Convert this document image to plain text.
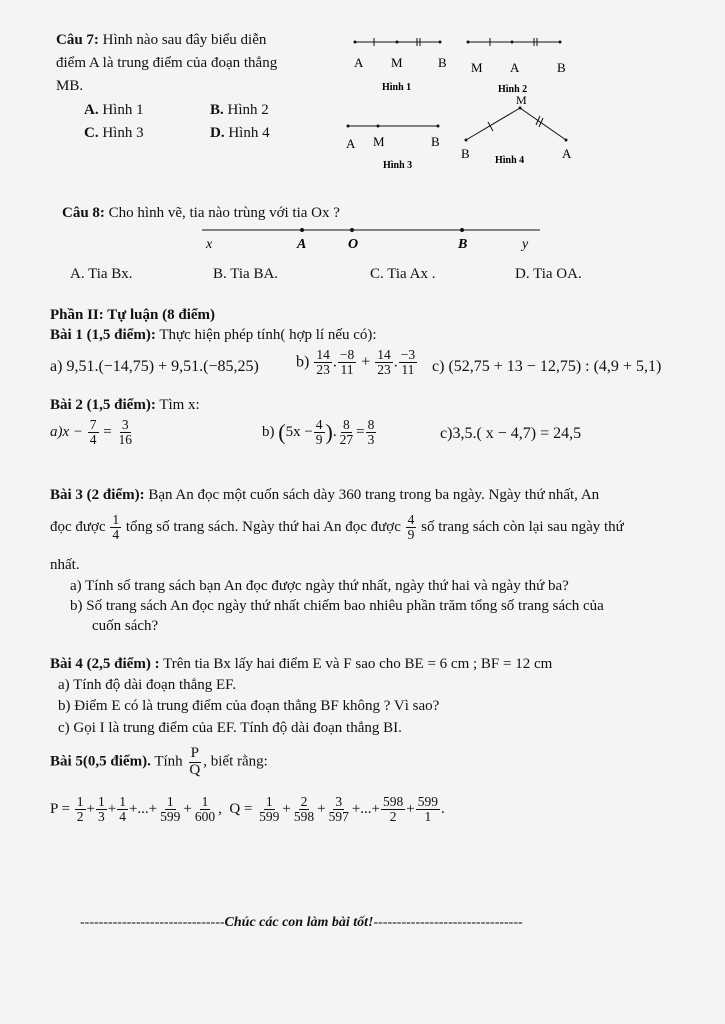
Câu 7: Hình nào sau đây biểu diễn
điểm A là trung điểm của đoạn thẳng
MB.
A. Hình 1	B. Hình 2
C. Hình 3	D. Hình 4
A M	B
Hình 1
M A	B
Hình 2
A M	B
Hình 3
M
B	A
Hình 4
Câu 8: Cho hình vẽ, tia nào trùng với tia Ox ?
x	A	O	B	y
A. Tia Bx.	B. Tia BA.	C. Tia Ax .	D. Tia OA.
Phần II: Tự luận (8 điểm)
Bài 1 (1,5 điểm): Thực hiện phép tính( hợp lí nếu có):
a) 9,51.(−14,75) + 9,51.(−85,25) $b) \frac{14}{23}$ . $\frac{-8}{11} + \frac{14}{23}$ . $\frac{-3}{11} c$) (52,75 + 13 − 12,75) : (4,9 + 5,1)
Bài 2 (1,5 điểm): Tìm x:
$a)x - \frac{7}{4} = \frac{3}{16}$	b) ($5x - \frac{4}{9}$ ). $\frac{8}{27} = \frac{8}{3}$	c)3,5.( x − 4,7) = 24,5
Bài 3 (2 điểm): Bạn An đọc một cuốn sách dày 360 trang trong ba ngày. Ngày thứ nhất, An
đọc được $\frac{1}{4}$ tổng số trang sách. Ngày thứ hai An đọc được $\frac{4}{9}$ số trang sách còn lại sau ngày thứ
nhất.
a) Tính số trang sách bạn An đọc được ngày thứ nhất, ngày thứ hai và ngày thứ ba?
b) Số trang sách An đọc ngày thứ nhất chiếm bao nhiêu phần trăm tổng số trang sách của
cuốn sách?
Bài 4 (2,5 điểm) : Trên tia Bx lấy hai điểm E và F sao cho BE = 6 cm ; BF = 12 cm
a) Tính độ dài đoạn thẳng EF.
b) Điểm E có là trung điểm của đoạn thẳng BF không ? Vì sao?
c) Gọi I là trung điểm của EF. Tính độ dài đoạn thẳng BI.
Bài 5(0,5 điểm). Tính $\frac{P}{Q}$ , biết rằng:
$P = \frac{1}{2} + \frac{1}{3} + \frac{1}{4}$ +...+ $\frac{1}{599} + \frac{1}{600}$ ,  $Q = \frac{1}{599} + \frac{2}{598} + \frac{3}{597}$ +...+ $\frac{598}{2} + \frac{599}{1}$ .
-------------------------------Chúc các con làm bài tốt!--------------------------------
